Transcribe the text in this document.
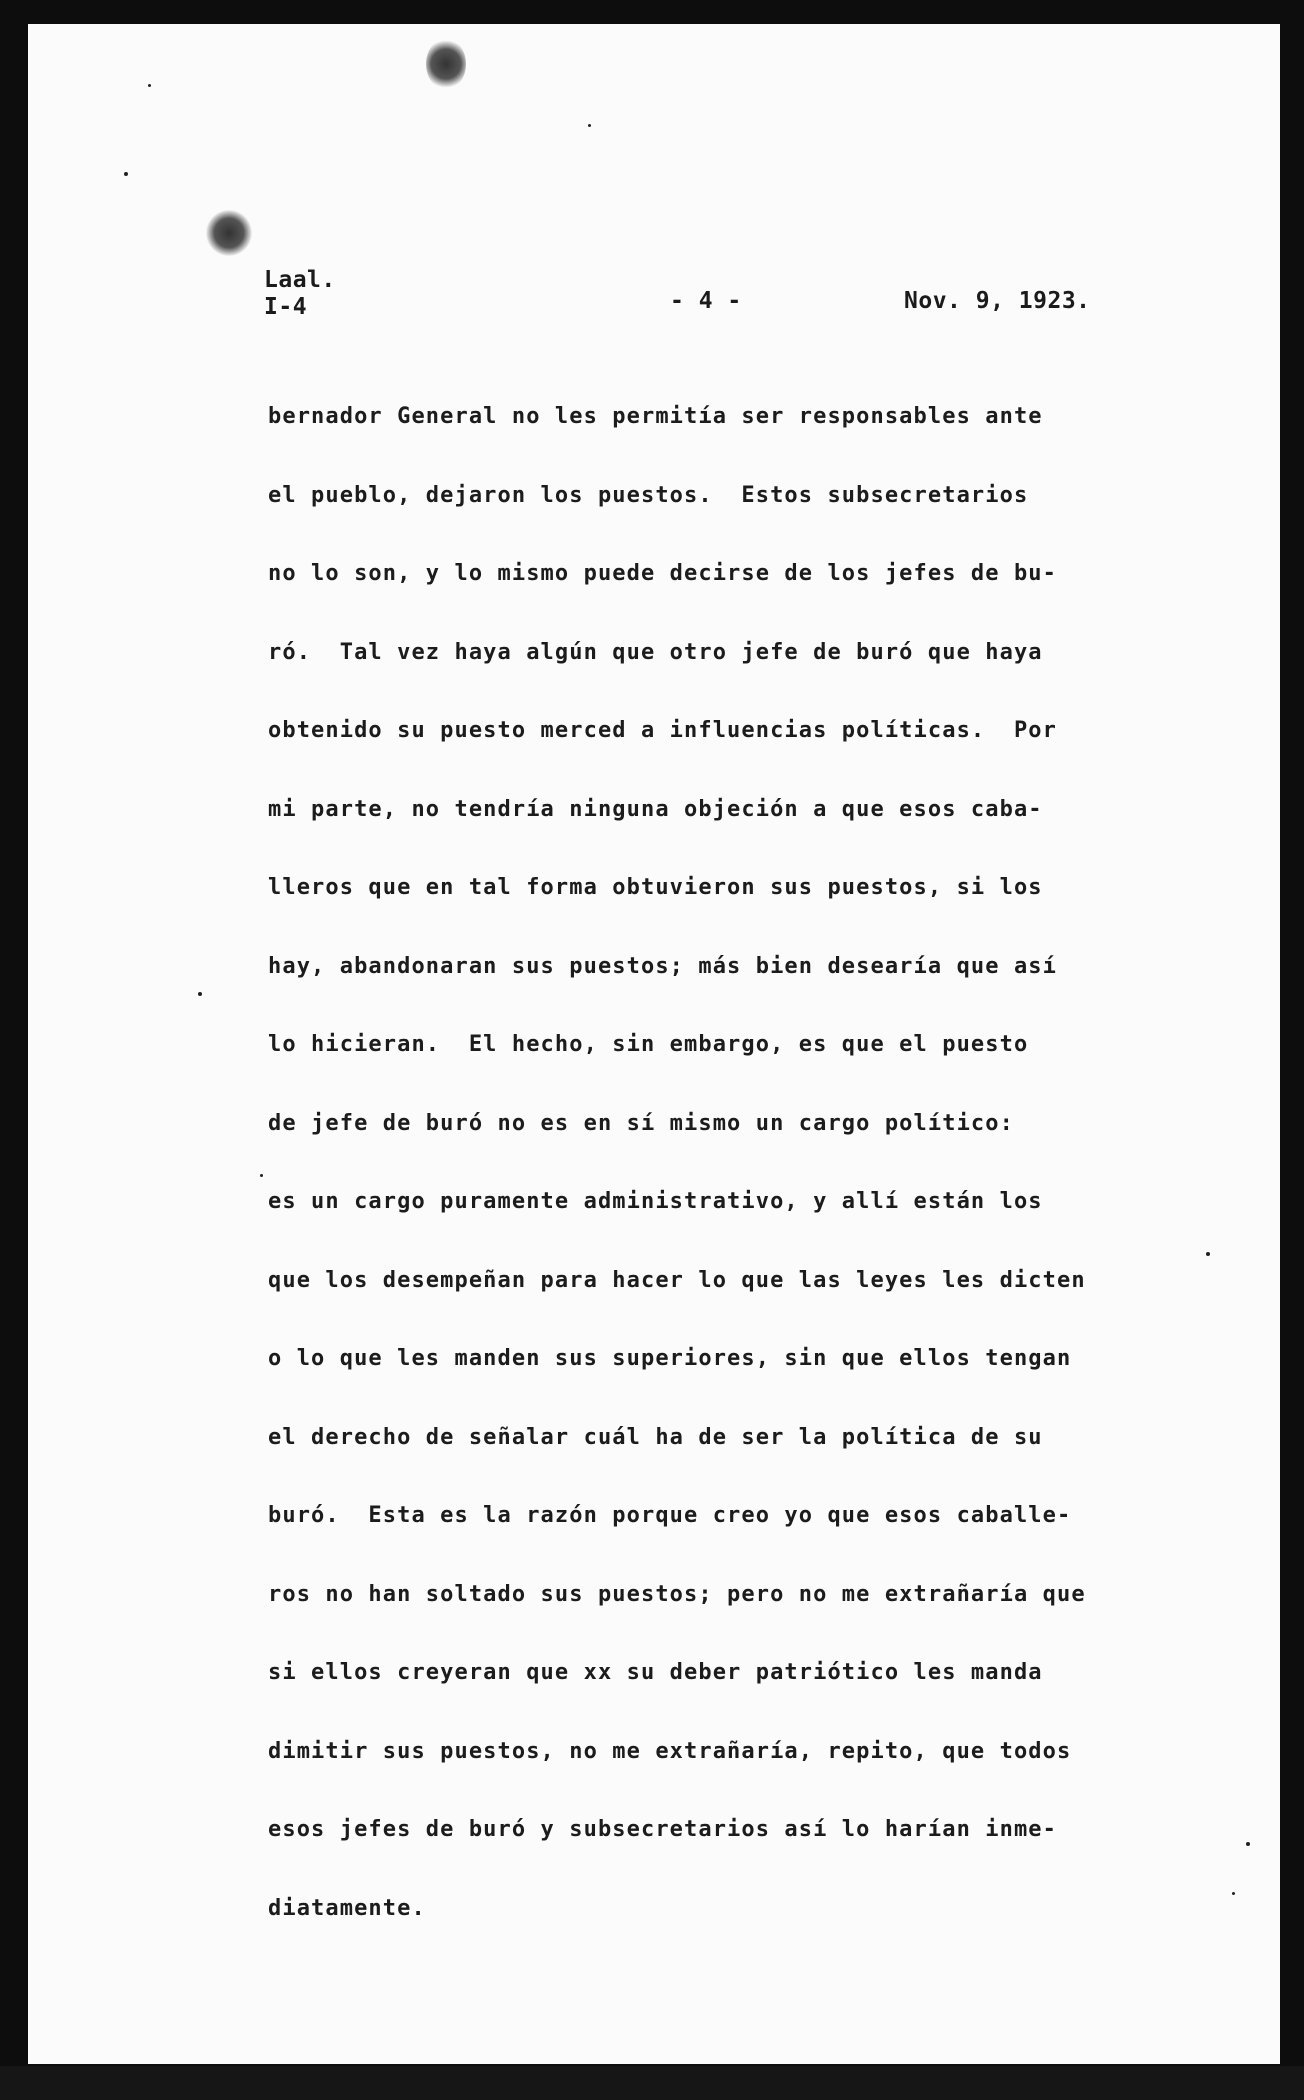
Laal.
I-4	- 4 -	Nov. 9, 1923.
bernador General no les permitía ser responsables ante
el pueblo, dejaron los puestos.  Estos subsecretarios
no lo son, y lo mismo puede decirse de los jefes de bu-
ró.  Tal vez haya algún que otro jefe de buró que haya
obtenido su puesto merced a influencias políticas.  Por
mi parte, no tendría ninguna objeción a que esos caba-
lleros que en tal forma obtuvieron sus puestos, si los
hay, abandonaran sus puestos; más bien desearía que así
lo hicieran.  El hecho, sin embargo, es que el puesto
de jefe de buró no es en sí mismo un cargo político:
es un cargo puramente administrativo, y allí están los
que los desempeñan para hacer lo que las leyes les dicten
o lo que les manden sus superiores, sin que ellos tengan
el derecho de señalar cuál ha de ser la política de su
buró.  Esta es la razón porque creo yo que esos caballe-
ros no han soltado sus puestos; pero no me extrañaría que
si ellos creyeran que xx su deber patriótico les manda
dimitir sus puestos, no me extrañaría, repito, que todos
esos jefes de buró y subsecretarios así lo harían inme-
diatamente.
